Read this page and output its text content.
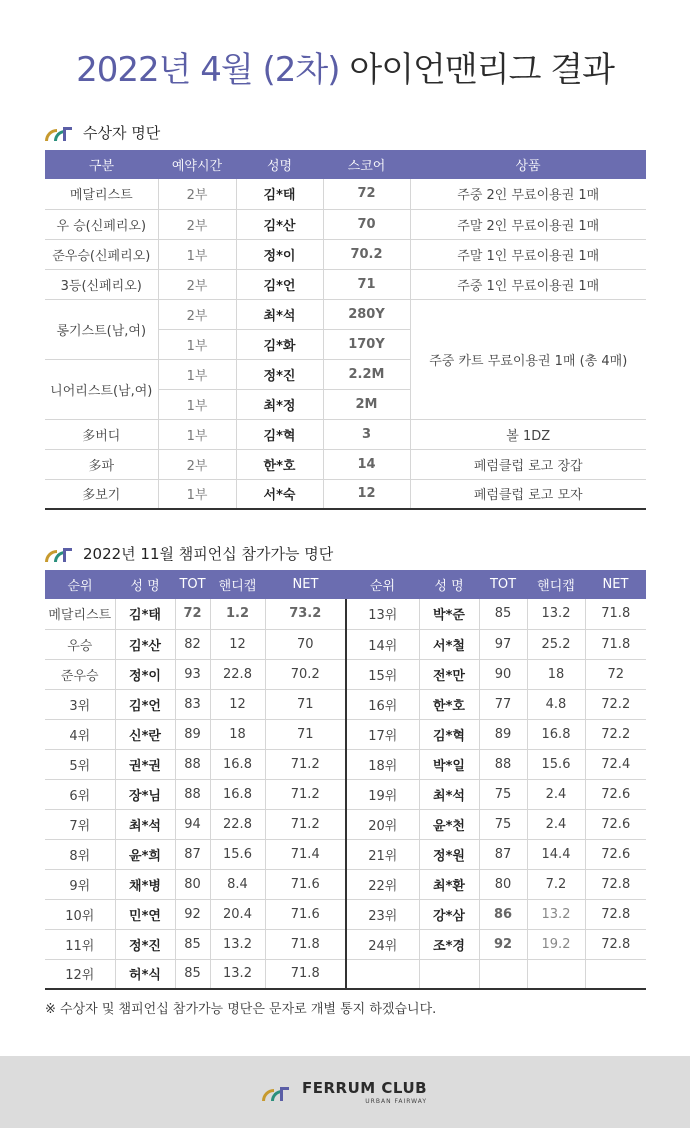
2022년 4월 (2차) 아이언맨리그 결과
수상자 명단
구분	예약시간	성명	스코어	상품
메달리스트	2부	김*태	72	주중 2인 무료이용권 1매
우 승(신페리오)	2부	김*산	70	주말 2인 무료이용권 1매
준우승(신페리오)	1부	정*이	70.2	주말 1인 무료이용권 1매
3등(신페리오)	2부	김*언	71	주중 1인 무료이용권 1매
롱기스트(남,여)	2부	최*석	280Y	주중 카트 무료이용권 1매 (총 4매)
	1부	김*화	170Y	
니어리스트(남,여)	1부	정*진	2.2M	
	1부	최*정	2M	
多버디	1부	김*혁	3	볼 1DZ
多파	2부	한*호	14	페럼클럽 로고 장갑
多보기	1부	서*숙	12	페럼클럽 로고 모자
2022년 11월 챔피언십 참가가능 명단
순위	성 명	TOT	핸디캡	NET	순위	성 명	TOT	핸디캡	NET
메달리스트	김*태	72	1.2	73.2	13위	박*준	85	13.2	71.8
우승	김*산	82	12	70	14위	서*철	97	25.2	71.8
준우승	정*이	93	22.8	70.2	15위	전*만	90	18	72
3위	김*언	83	12	71	16위	한*호	77	4.8	72.2
4위	신*란	89	18	71	17위	김*혁	89	16.8	72.2
5위	권*권	88	16.8	71.2	18위	박*일	88	15.6	72.4
6위	장*님	88	16.8	71.2	19위	최*석	75	2.4	72.6
7위	최*석	94	22.8	71.2	20위	윤*천	75	2.4	72.6
8위	윤*희	87	15.6	71.4	21위	정*원	87	14.4	72.6
9위	채*병	80	8.4	71.6	22위	최*환	80	7.2	72.8
10위	민*연	92	20.4	71.6	23위	강*삼	86	13.2	72.8
11위	정*진	85	13.2	71.8	24위	조*경	92	19.2	72.8
12위	허*식	85	13.2	71.8					
※ 수상자 및 챔피언십 참가가능 명단은 문자로 개별 통지 하겠습니다.
FERRUM CLUB
URBAN FAIRWAY
